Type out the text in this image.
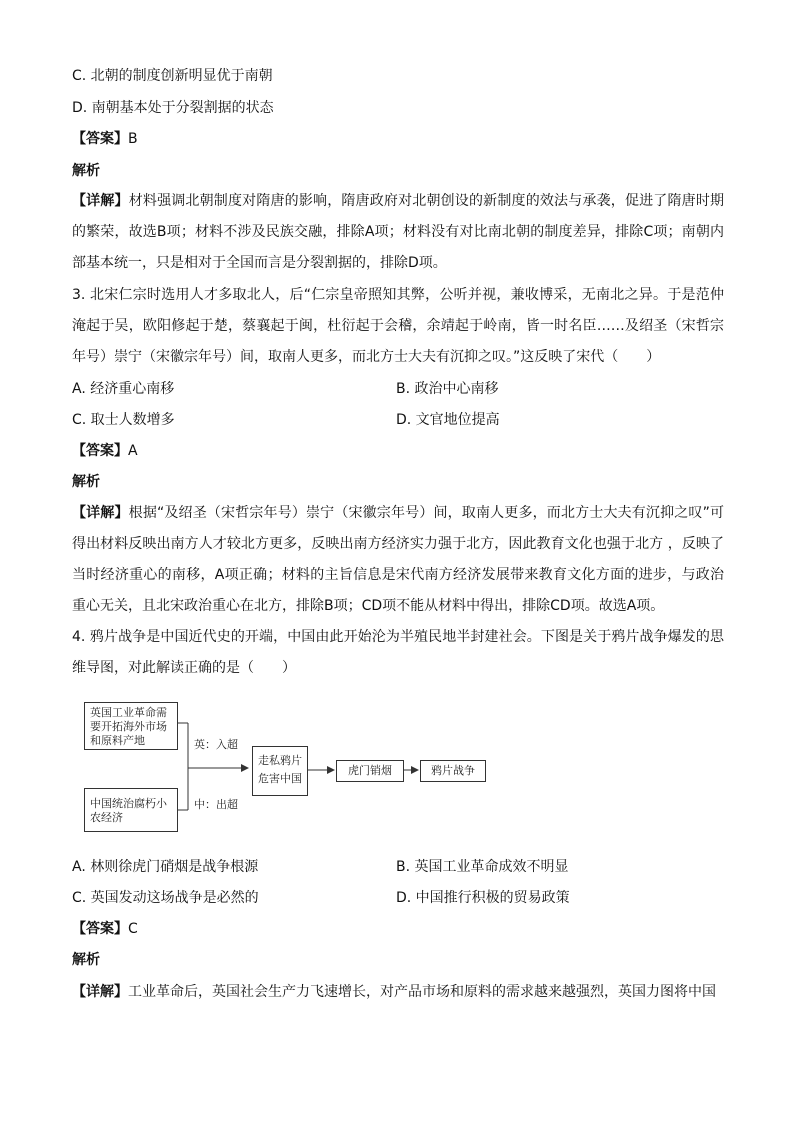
C. 北朝的制度创新明显优于南朝
D. 南朝基本处于分裂割据的状态
【答案】B
解析
【详解】材料强调北朝制度对隋唐的影响，隋唐政府对北朝创设的新制度的效法与承袭，促进了隋唐时期的繁荣，故选B项；材料不涉及民族交融，排除A项；材料没有对比南北朝的制度差异，排除C项；南朝内部基本统一，只是相对于全国而言是分裂割据的，排除D项。
3. 北宋仁宗时选用人才多取北人，后“仁宗皇帝照知其弊，公听并视，兼收博采，无南北之异。于是范仲淹起于吴，欧阳修起于楚，蔡襄起于闽，杜衍起于会稽，余靖起于岭南，皆一时名臣……及绍圣（宋哲宗年号）崇宁（宋徽宗年号）间，取南人更多，而北方士大夫有沉抑之叹。”这反映了宋代（　　）
A. 经济重心南移	B. 政治中心南移
C. 取士人数增多	D. 文官地位提高
【答案】A
解析
【详解】根据“及绍圣（宋哲宗年号）崇宁（宋徽宗年号）间，取南人更多，而北方士大夫有沉抑之叹”可得出材料反映出南方人才较北方更多，反映出南方经济实力强于北方，因此教育文化也强于北方 ，反映了当时经济重心的南移，A项正确；材料的主旨信息是宋代南方经济发展带来教育文化方面的进步，与政治重心无关，且北宋政治重心在北方，排除B项；CD项不能从材料中得出，排除CD项。故选A项。
4. 鸦片战争是中国近代史的开端，中国由此开始沦为半殖民地半封建社会。下图是关于鸦片战争爆发的思维导图，对此解读正确的是（　　）
英国工业革命需要开拓海外市场和原料产地
中国统治腐朽小农经济
英：入超
中：出超
走私鸦片
危害中国
虎门销烟	鸦片战争
A. 林则徐虎门硝烟是战争根源	B. 英国工业革命成效不明显
C. 英国发动这场战争是必然的	D. 中国推行积极的贸易政策
【答案】C
解析
【详解】工业革命后，英国社会生产力飞速增长，对产品市场和原料的需求越来越强烈，英国力图将中国
